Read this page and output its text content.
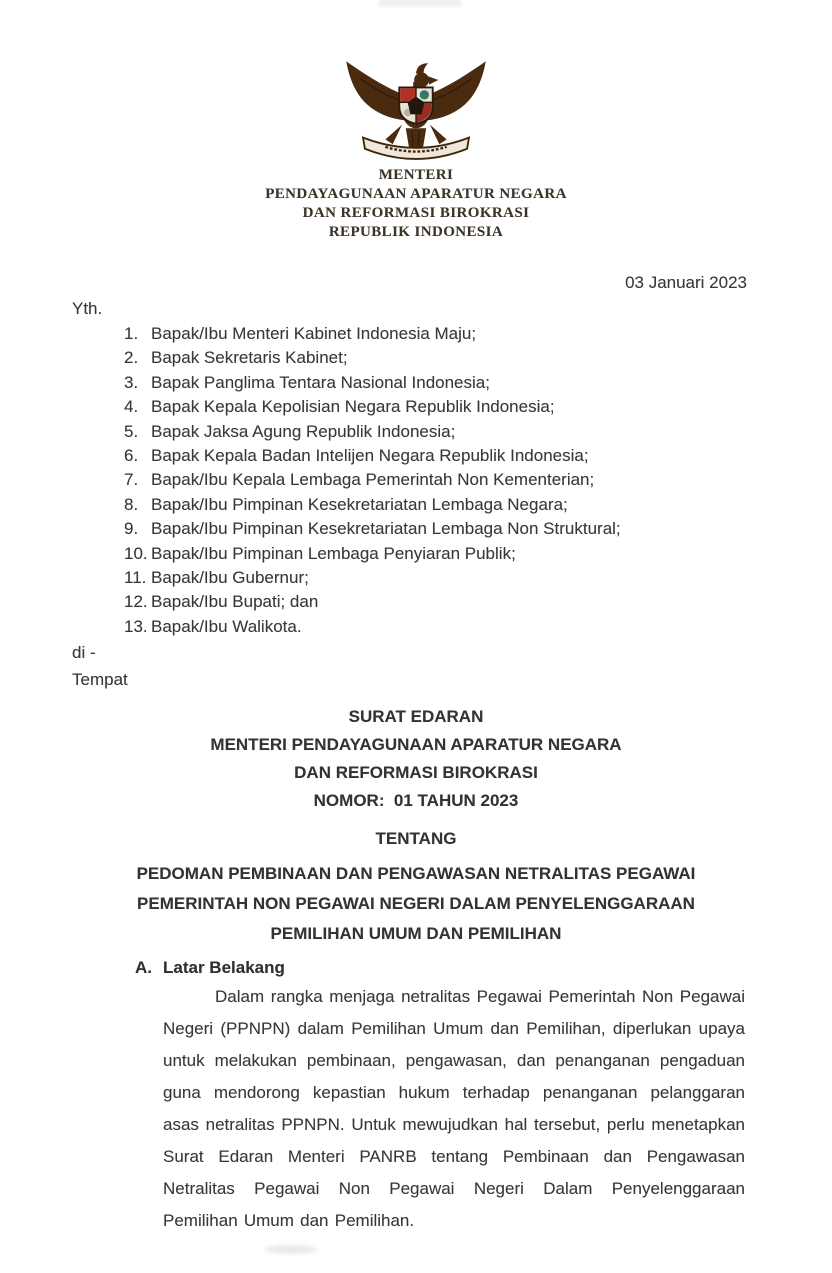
MENTERI
PENDAYAGUNAAN APARATUR NEGARA
DAN REFORMASI BIROKRASI
REPUBLIK INDONESIA
03 Januari 2023
Yth.
1. Bapak/Ibu Menteri Kabinet Indonesia Maju;
2. Bapak Sekretaris Kabinet;
3. Bapak Panglima Tentara Nasional Indonesia;
4. Bapak Kepala Kepolisian Negara Republik Indonesia;
5. Bapak Jaksa Agung Republik Indonesia;
6. Bapak Kepala Badan Intelijen Negara Republik Indonesia;
7. Bapak/Ibu Kepala Lembaga Pemerintah Non Kementerian;
8. Bapak/Ibu Pimpinan Kesekretariatan Lembaga Negara;
9. Bapak/Ibu Pimpinan Kesekretariatan Lembaga Non Struktural;
10. Bapak/Ibu Pimpinan Lembaga Penyiaran Publik;
11. Bapak/Ibu Gubernur;
12. Bapak/Ibu Bupati; dan
13. Bapak/Ibu Walikota.
di -
Tempat
SURAT EDARAN
MENTERI PENDAYAGUNAAN APARATUR NEGARA
DAN REFORMASI BIROKRASI
NOMOR:  01 TAHUN 2023
TENTANG
PEDOMAN PEMBINAAN DAN PENGAWASAN NETRALITAS PEGAWAI
PEMERINTAH NON PEGAWAI NEGERI DALAM PENYELENGGARAAN
PEMILIHAN UMUM DAN PEMILIHAN
A. Latar Belakang

Dalam rangka menjaga netralitas Pegawai Pemerintah Non Pegawai Negeri (PPNPN) dalam Pemilihan Umum dan Pemilihan, diperlukan upaya untuk melakukan pembinaan, pengawasan, dan penanganan pengaduan guna mendorong kepastian hukum terhadap penanganan pelanggaran asas netralitas PPNPN. Untuk mewujudkan hal tersebut, perlu menetapkan Surat Edaran Menteri PANRB tentang Pembinaan dan Pengawasan Netralitas Pegawai Non Pegawai Negeri Dalam Penyelenggaraan Pemilihan Umum dan Pemilihan.
